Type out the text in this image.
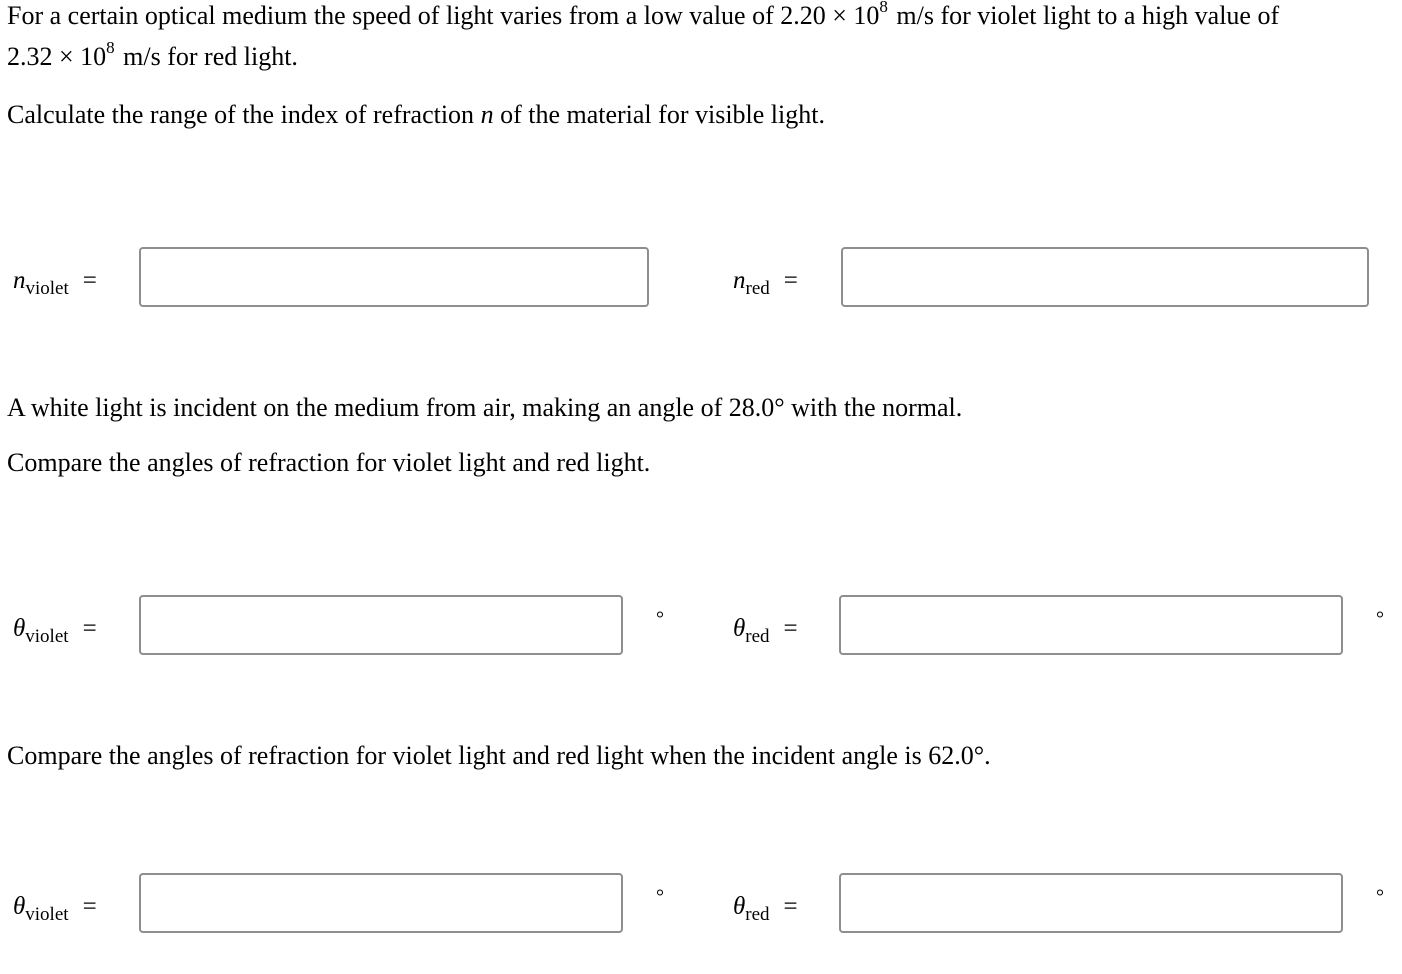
For a certain optical medium the speed of light varies from a low value of $2.20 \times 10^8$ m/s for violet light to a high value of
$2.32 \times 10^8$ m/s for red light.
Calculate the range of the index of refraction n of the material for visible light.
$n_{violet}$ =	$n_{red}$ =
A white light is incident on the medium from air, making an angle of 28.0° with the normal.
Compare the angles of refraction for violet light and red light.
$\theta_{violet}$ =	°	$\theta_{red}$ =	°
Compare the angles of refraction for violet light and red light when the incident angle is 62.0°.
$\theta_{violet}$ =	°	$\theta_{red}$ =	°
